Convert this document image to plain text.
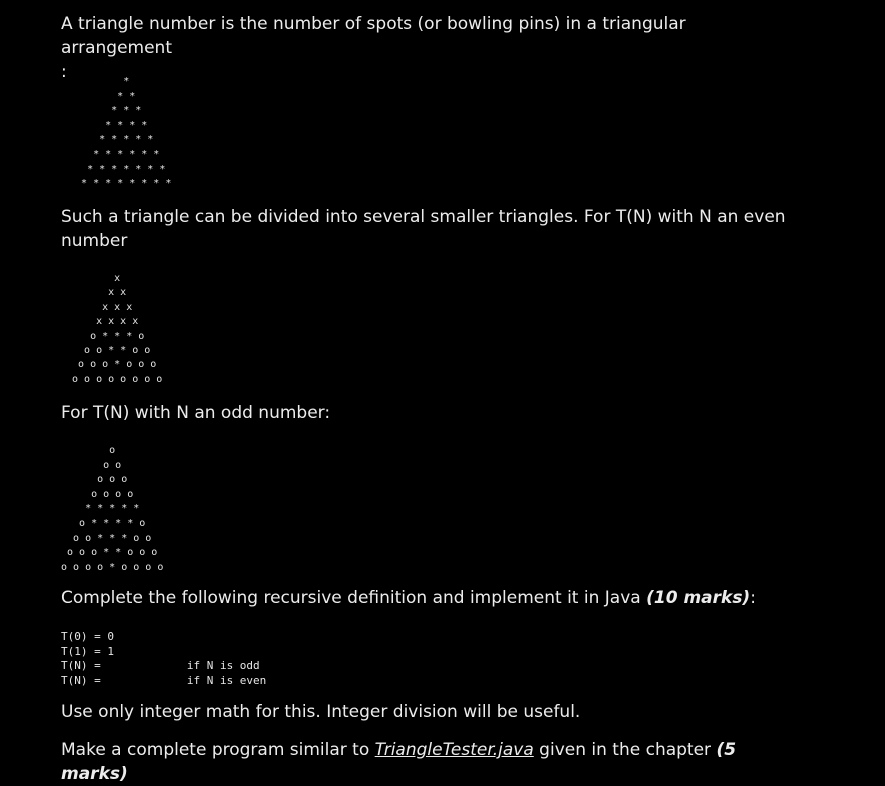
A triangle number is the number of spots (or bowling pins) in a triangular arrangement
:	*
* *
* * *
* * * *
* * * * *
* * * * * *
* * * * * * *
* * * * * * * *

Such a triangle can be divided into several smaller triangles. For T(N) with N an even number

x
x x
x x x
x x x x
o * * * o
o o * * o o
o o o * o o o
o o o o o o o o

For T(N) with N an odd number:

o
o o
o o o
o o o o
* * * * *
o * * * * o
o o * * * o o
o o o * * o o o
o o o o * o o o o

Complete the following recursive definition and implement it in Java (10 marks):

T(0) = 0
T(1) = 1
T(N) =             if N is odd
T(N) =             if N is even

Use only integer math for this. Integer division will be useful.

Make a complete program similar to TriangleTester.java given in the chapter (5 marks)
